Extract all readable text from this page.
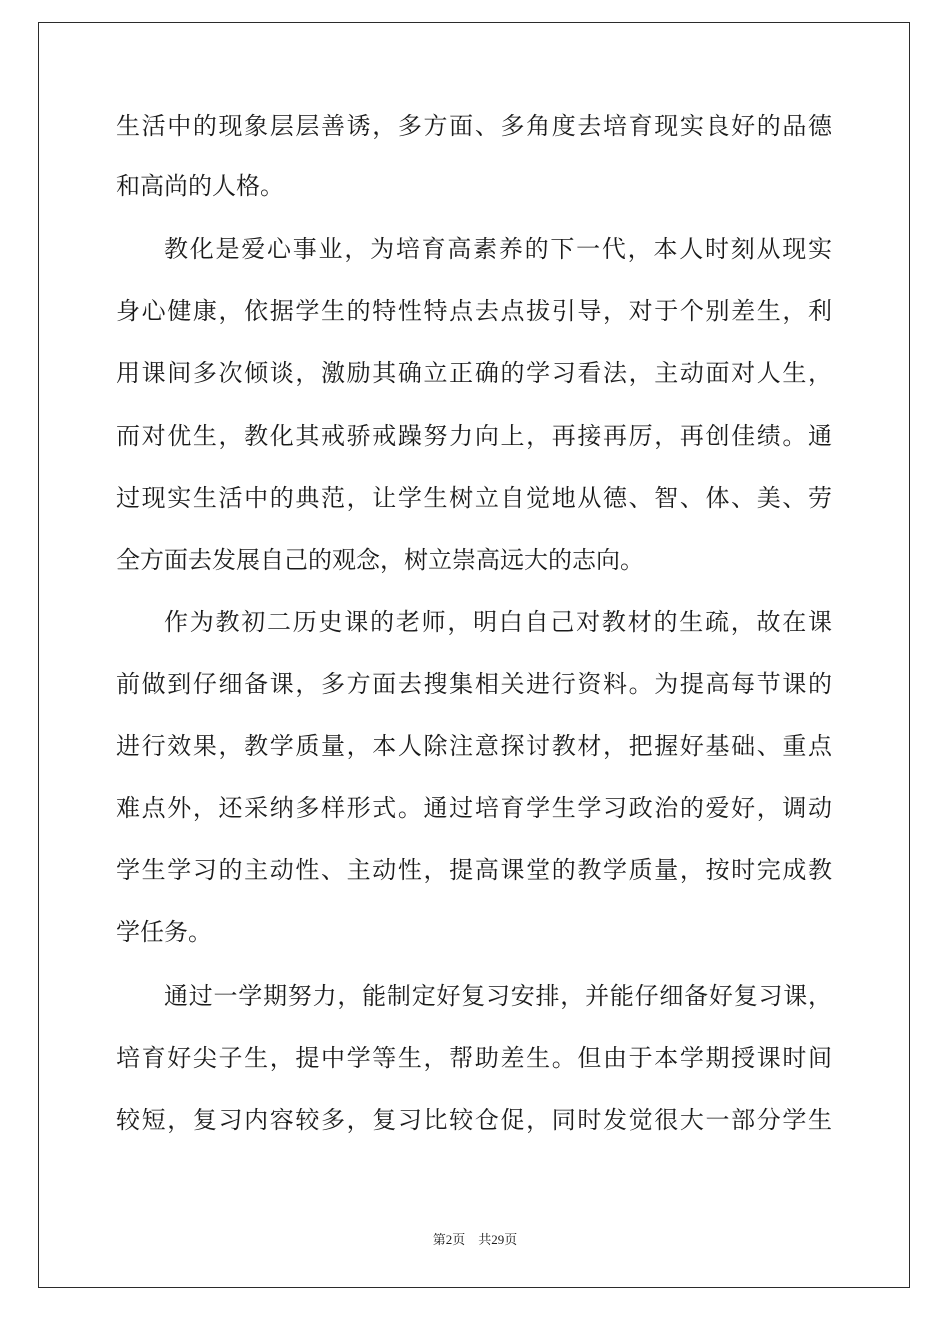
生活中的现象层层善诱，多方面、多角度去培育现实良好的品德
和高尚的人格。
教化是爱心事业，为培育高素养的下一代，本人时刻从现实
身心健康，依据学生的特性特点去点拔引导，对于个别差生，利
用课间多次倾谈，激励其确立正确的学习看法，主动面对人生，
而对优生，教化其戒骄戒躁努力向上，再接再厉，再创佳绩。通
过现实生活中的典范，让学生树立自觉地从德、智、体、美、劳
全方面去发展自己的观念，树立崇高远大的志向。
作为教初二历史课的老师，明白自己对教材的生疏，故在课
前做到仔细备课，多方面去搜集相关进行资料。为提高每节课的
进行效果，教学质量，本人除注意探讨教材，把握好基础、重点
难点外，还采纳多样形式。通过培育学生学习政治的爱好，调动
学生学习的主动性、主动性，提高课堂的教学质量，按时完成教
学任务。
通过一学期努力，能制定好复习安排，并能仔细备好复习课，
培育好尖子生，提中学等生，帮助差生。但由于本学期授课时间
较短，复习内容较多，复习比较仓促，同时发觉很大一部分学生
第2页 共29页
